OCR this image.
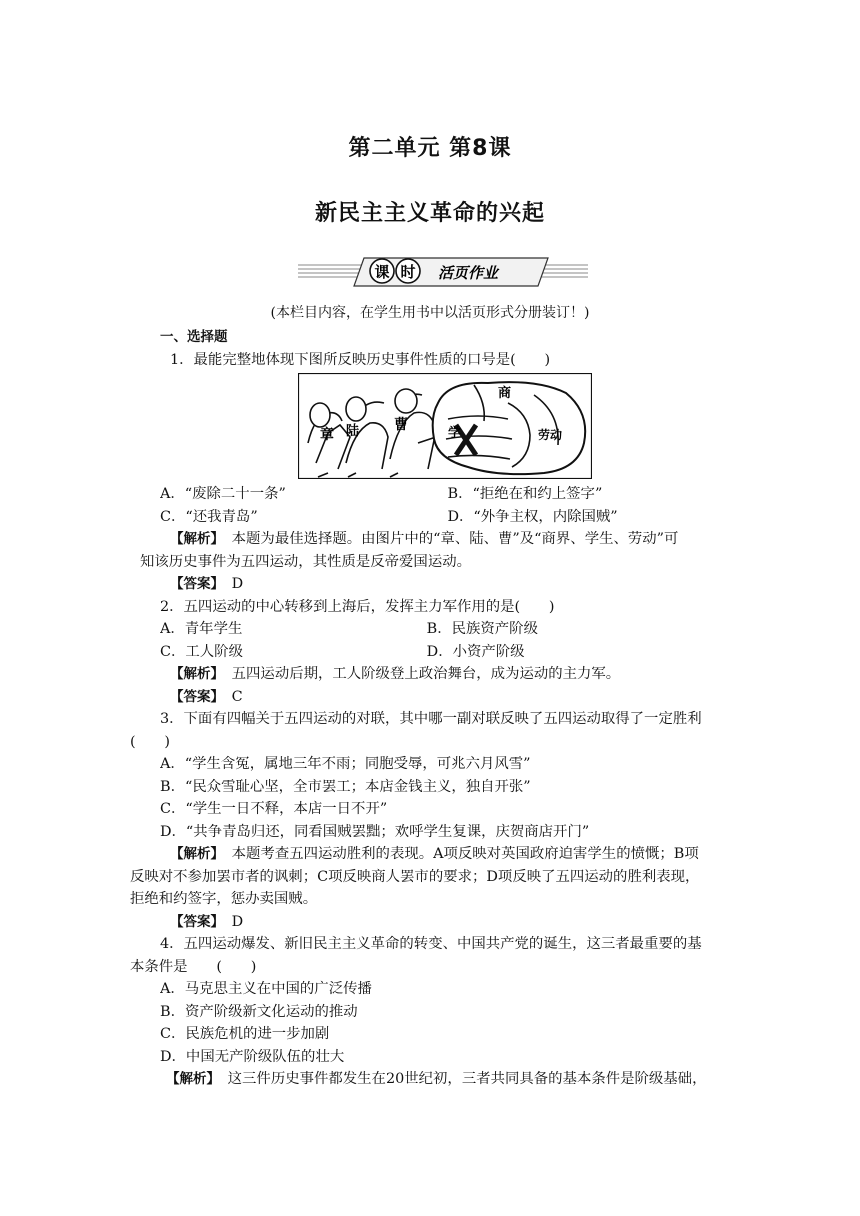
第二单元 第8课
新民主主义革命的兴起
课 时 活页作业
(本栏目内容，在学生用书中以活页形式分册装订！)
一、选择题
1．最能完整地体现下图所反映历史事件性质的口号是(　　)
章 陆 曹
商
学	劳动
A．“废除二十一条”	B．“拒绝在和约上签字”
C．“还我青岛”	D．“外争主权，内除国贼”
【解析】　本题为最佳选择题。由图片中的“章、陆、曹”及“商界、学生、劳动”可
知该历史事件为五四运动，其性质是反帝爱国运动。
【答案】　D
2．五四运动的中心转移到上海后，发挥主力军作用的是(　　)
A．青年学生	B．民族资产阶级
C．工人阶级	D．小资产阶级
【解析】　五四运动后期，工人阶级登上政治舞台，成为运动的主力军。
【答案】　C
3．下面有四幅关于五四运动的对联，其中哪一副对联反映了五四运动取得了一定胜利
(　　)
A．“学生含冤，属地三年不雨；同胞受辱，可兆六月风雪”
B．“民众雪耻心坚，全市罢工；本店金钱主义，独自开张”
C．“学生一日不释，本店一日不开”
D．“共争青岛归还，同看国贼罢黜；欢呼学生复课，庆贺商店开门”
【解析】　本题考查五四运动胜利的表现。A项反映对英国政府迫害学生的愤慨；B项
反映对不参加罢市者的讽刺；C项反映商人罢市的要求；D项反映了五四运动的胜利表现，
拒绝和约签字，惩办卖国贼。
【答案】　D
4．五四运动爆发、新旧民主主义革命的转变、中国共产党的诞生，这三者最重要的基
本条件是　　(　　)
A．马克思主义在中国的广泛传播
B．资产阶级新文化运动的推动
C．民族危机的进一步加剧
D．中国无产阶级队伍的壮大
【解析】　这三件历史事件都发生在20世纪初，三者共同具备的基本条件是阶级基础，
